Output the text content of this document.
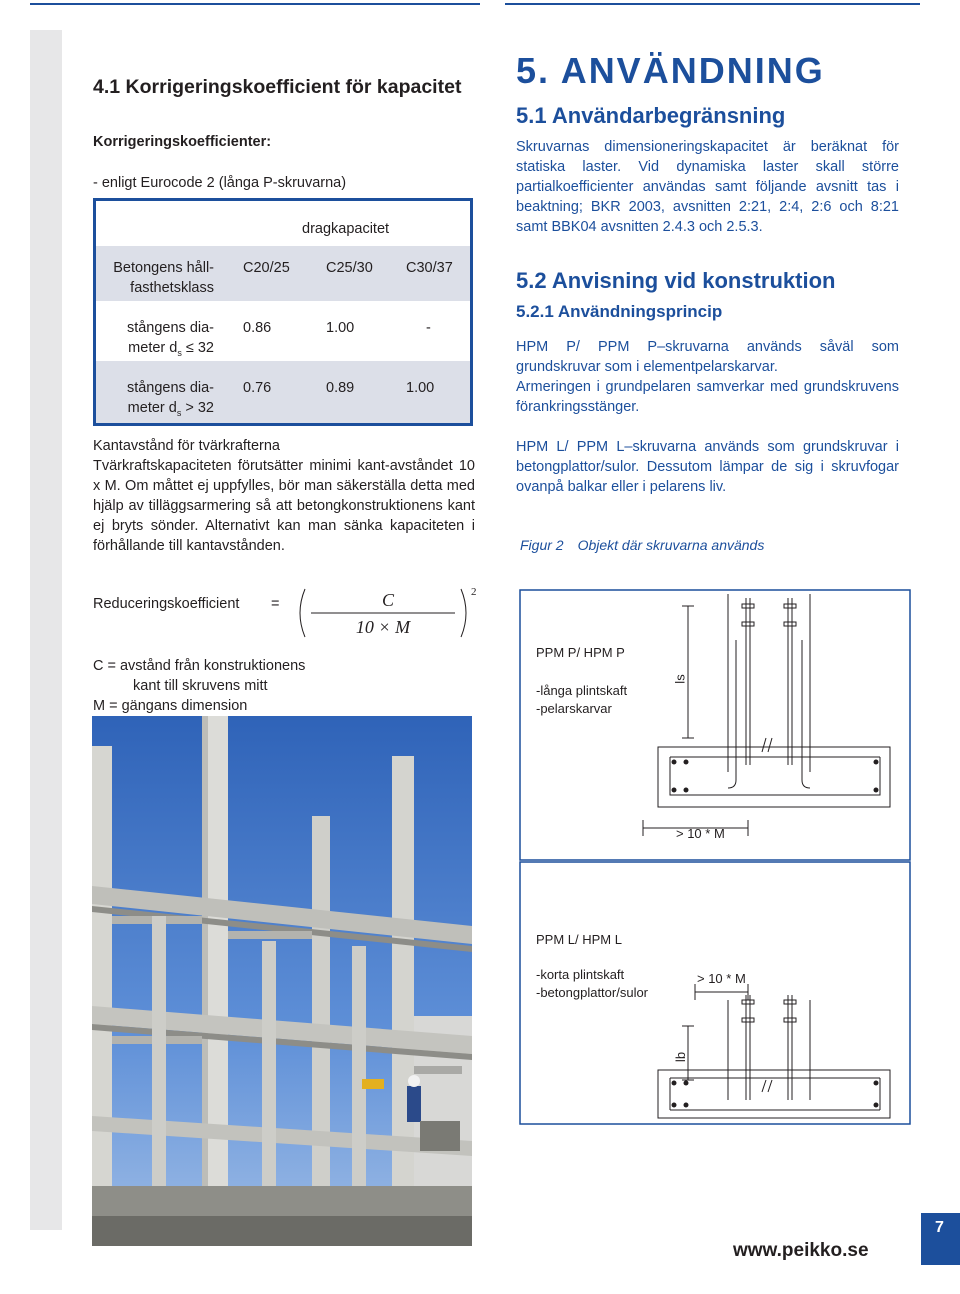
4.1 Korrigeringskoefficient för kapacitet
Korrigeringskoefficienter:
- enligt Eurocode 2 (långa P-skruvarna)
dragkapacitet
Betongens håll-
fasthetsklass
C20/25 C25/30 C30/37
stångens dia-
meter $d_s \le 32$
0.86	1.00	-
stångens dia-
meter $d_s > 32$
0.76	0.89	1.00
Kantavstånd för tvärkrafterna
Tvärkraftskapaciteten förutsätter minimi kant-avståndet 10 x M. Om måttet ej uppfylles, bör man säkerställa detta med hjälp av tilläggsarmering så att betongkonstruktionens kant ej bryts sönder. Alternativt kan man sänka kapaciteten i förhållande till kantavstånden.
Reduceringskoefficient =	C
10 × M
2
C = avstånd från konstruktionens
kant till skruvens mitt
M = gängans dimension
5. ANVÄNDNING
5.1 Användarbegränsning
Skruvarnas dimensioneringskapacitet är beräknat för statiska laster. Vid dynamiska laster skall större partialkoefficienter användas samt följande avsnitt tas i beaktning; BKR 2003, avsnitten 2:21, 2:4, 2:6 och 8:21 samt BBK04 avsnitten 2.4.3 och 2.5.3.
5.2 Anvisning vid konstruktion
5.2.1 Användningsprincip
HPM P/ PPM P–skruvarna används såväl som grundskruvar som i elementpelarskarvar.
Armeringen i grundpelaren samverkar med grundskruvens förankringsstänger.
HPM L/ PPM L–skruvarna används som grundskruvar i betongplattor/sulor. Dessutom lämpar de sig i skruvfogar ovanpå balkar eller i pelarens liv.
Figur 2 Objekt där skruvarna används
PPM P/ HPM P
-långa plintskaft
-pelarskarvar
ls
> 10 * M
PPM L/ HPM L
-korta plintskaft
-betongplattor/sulor
lb
> 10 * M
www.peikko.se
7
